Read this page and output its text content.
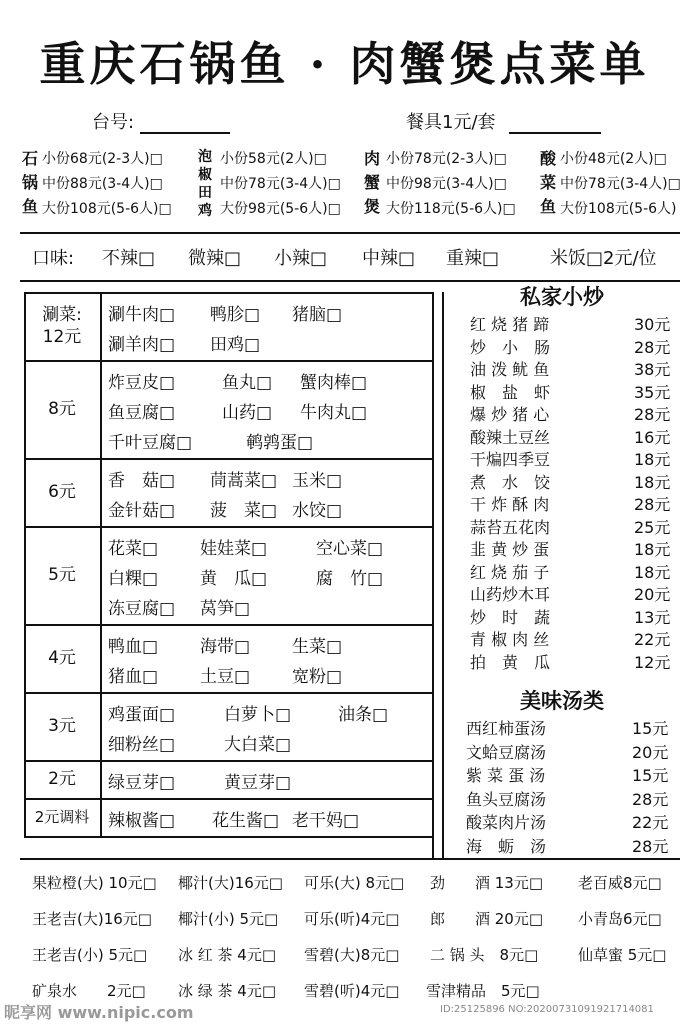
重庆石锅鱼 · 肉蟹煲点菜单
台号:	餐具1元/套
石
锅
鱼
小份68元(2-3人)□
中份88元(3-4人)□
大份108元(5-6人)□
泡
椒
田
鸡
小份58元(2人)□
中份78元(3-4人)□
大份98元(5-6人)□
肉
蟹
煲
小份78元(2-3人)□
中份98元(3-4人)□
大份118元(5-6人)□
酸
菜
鱼
小份48元(2人)□
中份78元(3-4人)□
大份108元(5-6人)
口味: 不辣□ 微辣□ 小辣□ 中辣□ 重辣□	米饭□2元/位
涮菜:
12元
涮牛肉□ 鸭胗□ 猪脑□
涮羊肉□ 田鸡□
8元
炸豆皮□	鱼丸□ 蟹肉棒□
鱼豆腐□	山药□ 牛肉丸□
千叶豆腐□	鹌鹑蛋□
6元
香　菇□ 茼蒿菜□ 玉米□
金针菇□ 菠　菜□ 水饺□
5元
花菜□ 娃娃菜□	空心菜□
白粿□ 黄　瓜□	腐　竹□
冻豆腐□ 莴笋□
4元
鸭血□ 海带□ 生菜□
猪血□ 土豆□ 宽粉□
3元
鸡蛋面□	白萝卜□	油条□
细粉丝□	大白菜□
2元	绿豆芽□	黄豆芽□
2元调料	辣椒酱□ 花生酱□ 老干妈□
私家小炒
红 烧 猪 蹄	30元
炒　小　肠	28元
油 泼 鱿 鱼	38元
椒　盐　虾	35元
爆 炒 猪 心	28元
酸辣土豆丝	16元
干煸四季豆	18元
煮　水　饺	18元
干 炸 酥 肉	28元
蒜苔五花肉	25元
韭 黄 炒 蛋	18元
红 烧 茄 子	18元
山药炒木耳	20元
炒　时　蔬	13元
青 椒 肉 丝	22元
拍　黄　瓜	12元
美味汤类
西红柿蛋汤	15元
文蛤豆腐汤	20元
紫 菜 蛋 汤	15元
鱼头豆腐汤	28元
酸菜肉片汤	22元
海　蛎　汤	28元
果粒橙(大) 10元□ 椰汁(大)16元□ 可乐(大) 8元□ 劲　　酒 13元□ 老百威8元□
王老吉(大)16元□ 椰汁(小) 5元□ 可乐(听)4元□ 郎　　酒 20元□ 小青岛6元□
王老吉(小) 5元□ 冰 红 茶 4元□ 雪碧(大)8元□ 二 锅 头　8元□	仙草蜜 5元□
矿泉水　　2元□ 冰 绿 茶 4元□ 雪碧(听)4元□ 雪津精品　5元□
昵享网 www.nipic.com	ID:25125896 NO:20200731091921714081
